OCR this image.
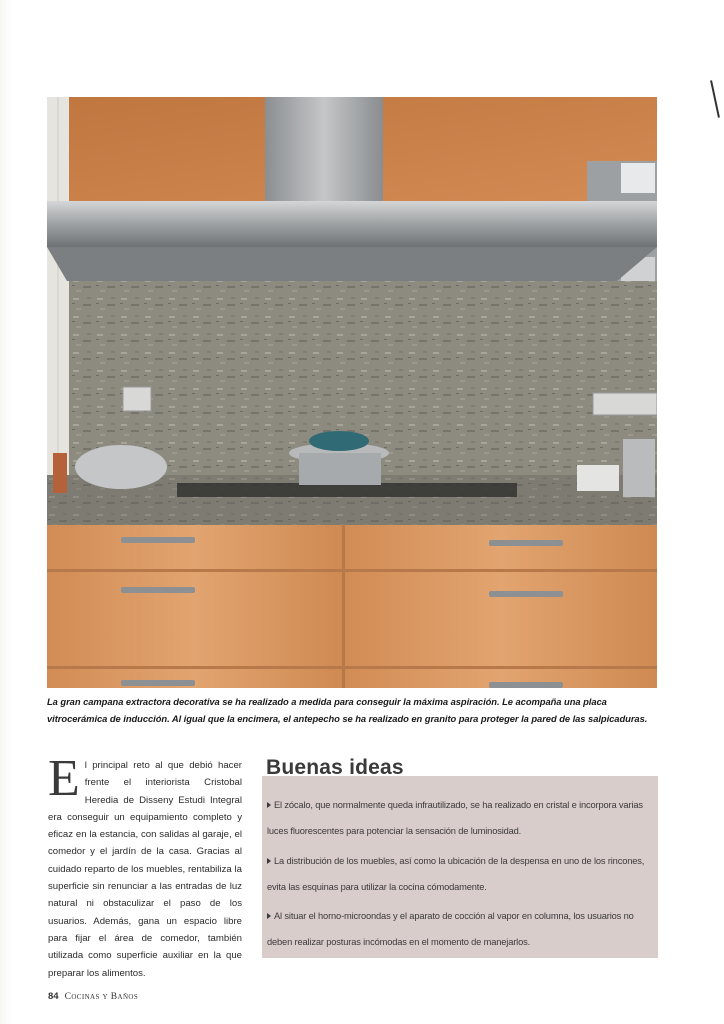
La gran campana extractora decorativa se ha realizado a medida para conseguir la máxima aspiración. Le acompaña una placa vitrocerámica de inducción. Al igual que la encimera, el antepecho se ha realizado en granito para proteger la pared de las salpicaduras.
El principal reto al que debió hacer frente el interiorista Cristobal Heredia de Disseny Estudi Integral era conseguir un equipamiento completo y eficaz en la estancia, con salidas al garaje, el comedor y el jardín de la casa. Gracias al cuidado reparto de los muebles, rentabiliza la superficie sin renunciar a las entradas de luz natural ni obstaculizar el paso de los usuarios. Además, gana un espacio libre para fijar el área de comedor, también utilizada como superficie auxiliar en la que preparar los alimentos.
Buenas ideas
El zócalo, que normalmente queda infrautilizado, se ha realizado en cristal e incorpora varias luces fluorescentes para potenciar la sensación de luminosidad.
La distribución de los muebles, así como la ubicación de la despensa en uno de los rincones, evita las esquinas para utilizar la cocina cómodamente.
Al situar el horno-microondas y el aparato de cocción al vapor en columna, los usuarios no deben realizar posturas incómodas en el momento de manejarlos.
84 Cocinas y Baños
